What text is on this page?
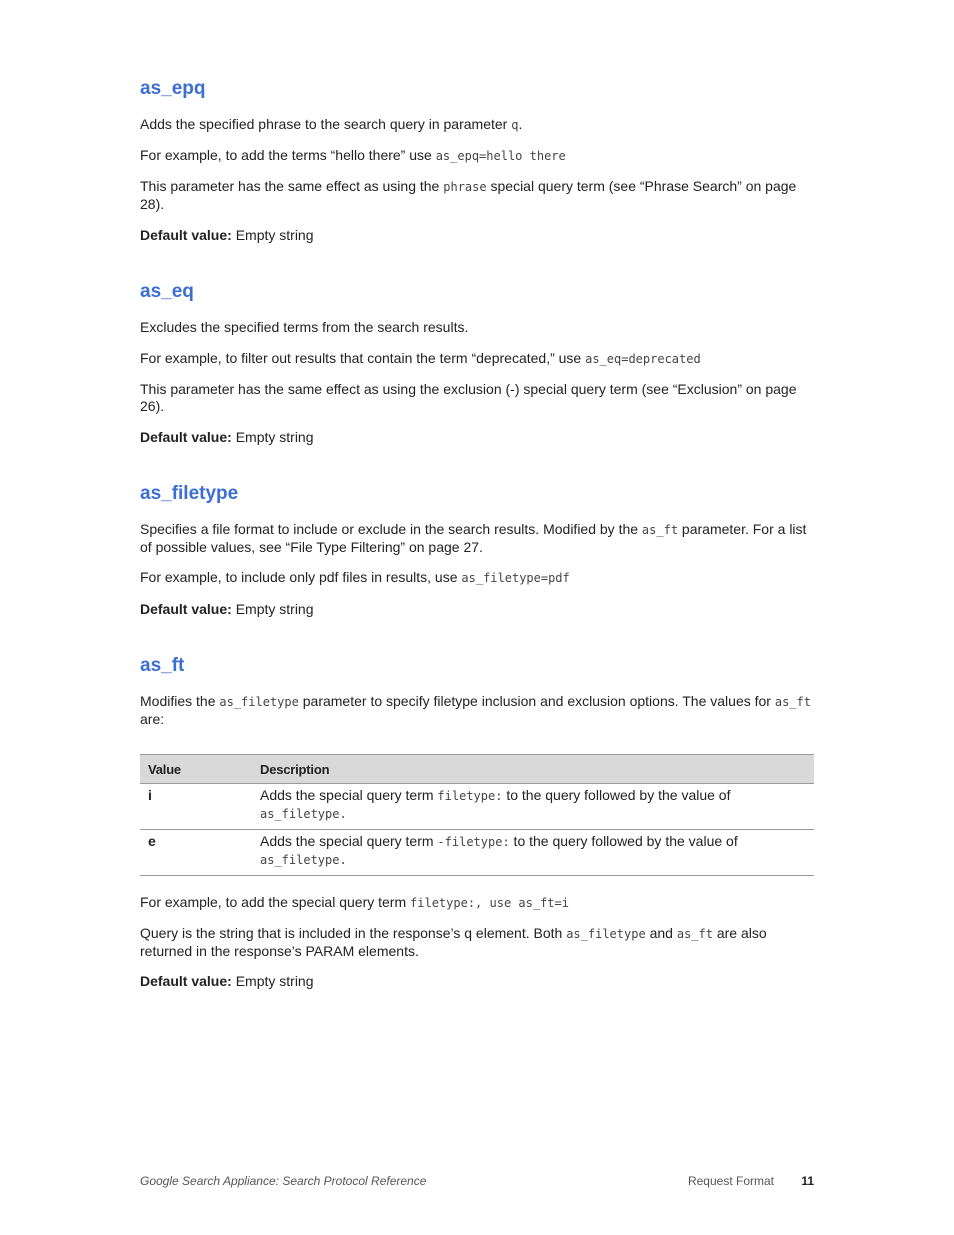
as_epq

Adds the specified phrase to the search query in parameter q.

For example, to add the terms “hello there” use as_epq=hello there

This parameter has the same effect as using the phrase special query term (see “Phrase Search” on page 28).

Default value: Empty string

as_eq

Excludes the specified terms from the search results.

For example, to filter out results that contain the term “deprecated,” use as_eq=deprecated

This parameter has the same effect as using the exclusion (-) special query term (see “Exclusion” on page 26).

Default value: Empty string

as_filetype

Specifies a file format to include or exclude in the search results. Modified by the as_ft parameter. For a list of possible values, see “File Type Filtering” on page 27.

For example, to include only pdf files in results, use as_filetype=pdf

Default value: Empty string

as_ft

Modifies the as_filetype parameter to specify filetype inclusion and exclusion options. The values for as_ft are:

Value	Description
i	Adds the special query term filetype: to the query followed by the value of
as_filetype.
e	Adds the special query term -filetype: to the query followed by the value of
as_filetype.

For example, to add the special query term filetype:, use as_ft=i

Query is the string that is included in the response’s q element. Both as_filetype and as_ft are also returned in the response’s PARAM elements.

Default value: Empty string

Google Search Appliance: Search Protocol Reference	Request Format 11
